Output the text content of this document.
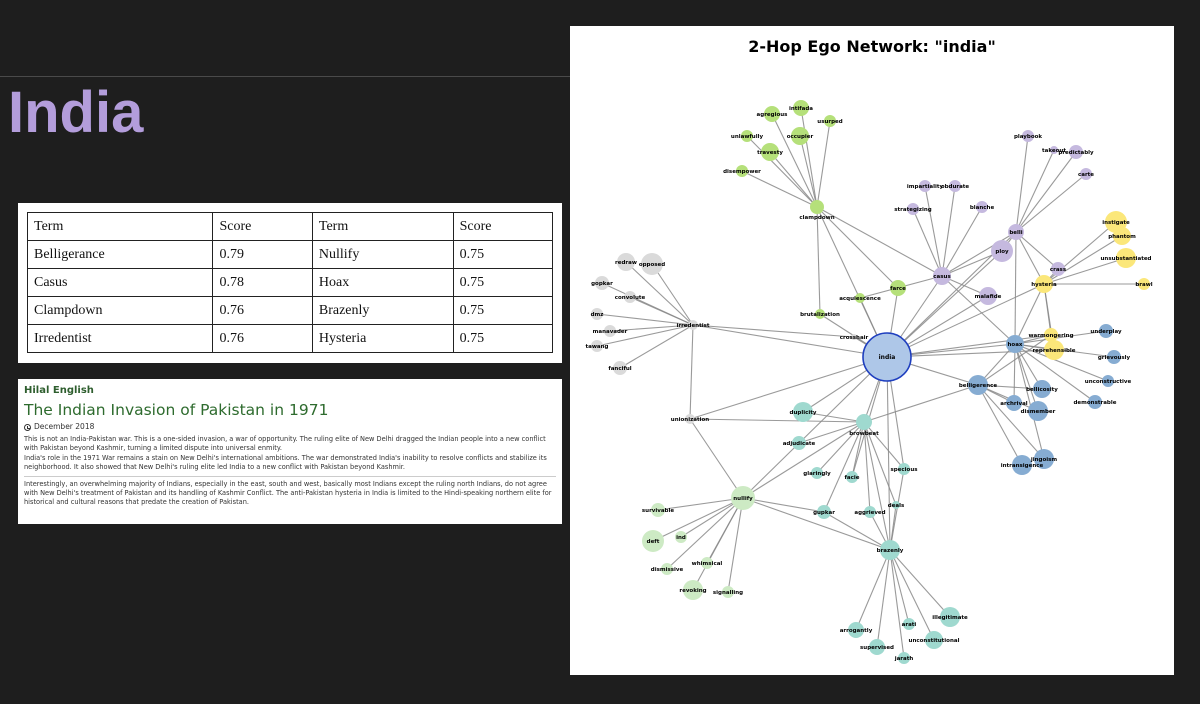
India
Term	Score	Term	Score
Belligerance	0.79	Nullify	0.75
Casus	0.78	Hoax	0.75
Clampdown	0.76	Brazenly	0.75
Irredentist	0.76	Hysteria	0.75

Hilal English

The Indian Invasion of Pakistan in 1971
December 2018

This is not an India-Pakistan war. This is a one-sided invasion, a war of opportunity. The ruling elite of New Delhi dragged the Indian people into a new conflict with Pakistan beyond Kashmir, turning a limited dispute into universal enmity.

India's role in the 1971 War remains a stain on New Delhi's international ambitions. The war demonstrated India's inability to resolve conflicts and stabilize its neighborhood. It also showed that New Delhi's ruling elite led India to a new conflict with Pakistan beyond Kashmir.

Interestingly, an overwhelming majority of Indians, especially in the east, south and west, basically most Indians except the ruling north Indians, do not agree with New Delhi's treatment of Pakistan and its handling of Kashmir Conflict. The anti-Pakistan hysteria in India is limited to the Hindi-speaking northern elite for historical and cultural reasons that predate the creation of Pakistan.

india
clampdown
farce
acquiescence
brutalization
agregious
intifada
usurped
occupier
unlawfully
travesty
disempower
casus
belli
ploy
malafide
impartiality
obdurate
strategizing	blanche
playbook
takeout
predictably
carte
crass
hysteria
instigate
phantom
unsubstantiated
brawl
warmongering
reprehensible
hoax
belligerence
underplay
grievously
unconstructive
demonstrable
bellicosity
archrival
dismember
jingoism
intransigence
browbeat
duplicity
adjudicate
glaringly
facie
specious
gupkar	aggrieved
deals
brazenly
illegitimate
arrogantly
arati
unconstitutional
supervised
jarath
nullify
survivable
deft
ind
dismissive
whimsical
revoking signalling
irredentist
redraw opposed
gopkar
convolute
dmz
manavader
tawang
fanciful
unionization
crosshair
2-Hop Ego Network: "india"
